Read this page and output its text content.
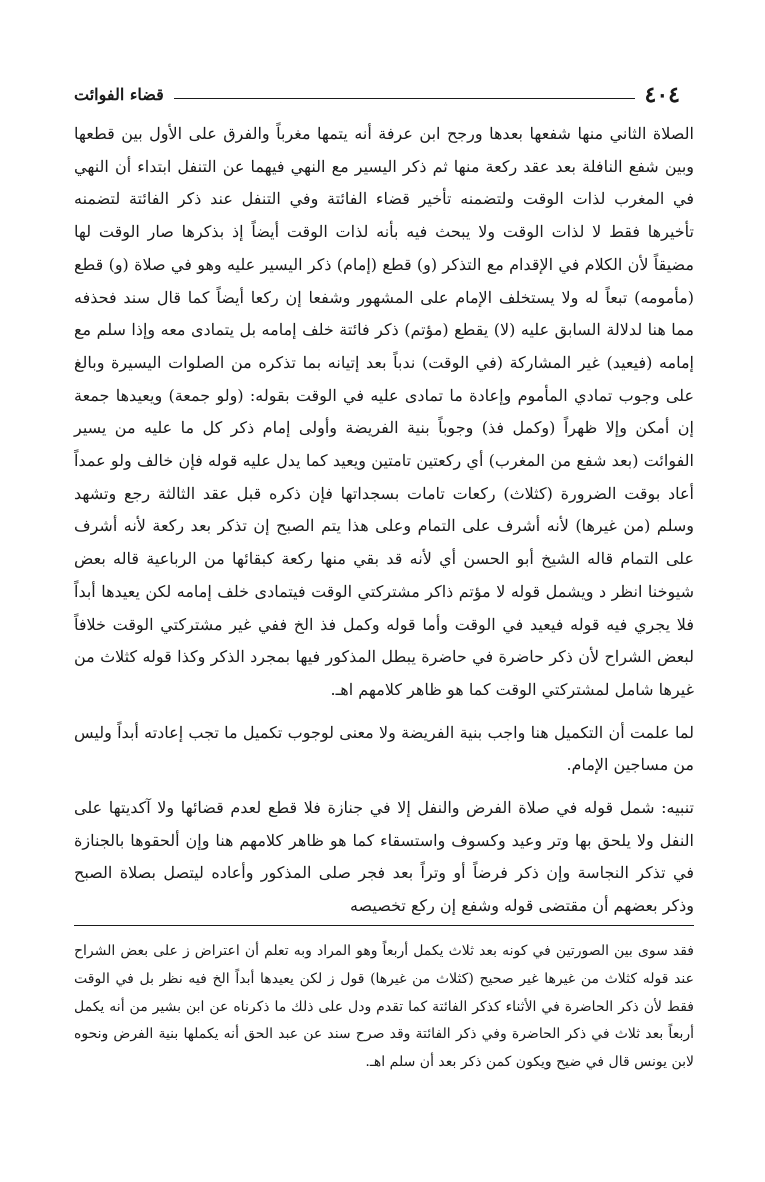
قضاء الفوائت	٤٠٤

الصلاة الثاني منها شفعها بعدها ورجح ابن عرفة أنه يتمها مغرباً والفرق على الأول بين قطعها وبين شفع النافلة بعد عقد ركعة منها ثم ذكر اليسير مع النهي فيهما عن التنفل ابتداء أن النهي في المغرب لذات الوقت ولتضمنه تأخير قضاء الفائتة وفي التنفل عند ذكر الفائتة لتضمنه تأخيرها فقط لا لذات الوقت ولا يبحث فيه بأنه لذات الوقت أيضاً إذ بذكرها صار الوقت لها مضيقاً لأن الكلام في الإقدام مع التذكر (و) قطع (إمام) ذكر اليسير عليه وهو في صلاة (و) قطع (مأمومه) تبعاً له ولا يستخلف الإمام على المشهور وشفعا إن ركعا أيضاً كما قال سند فحذفه مما هنا لدلالة السابق عليه (لا) يقطع (مؤتم) ذكر فائتة خلف إمامه بل يتمادى معه وإذا سلم مع إمامه (فيعيد) غير المشاركة (في الوقت) ندباً بعد إتيانه بما تذكره من الصلوات اليسيرة وبالغ على وجوب تمادي المأموم وإعادة ما تمادى عليه في الوقت بقوله: (ولو جمعة) ويعيدها جمعة إن أمكن وإلا ظهراً (وكمل فذ) وجوباً بنية الفريضة وأولى إمام ذكر كل ما عليه من يسير الفوائت (بعد شفع من المغرب) أي ركعتين تامتين ويعيد كما يدل عليه قوله فإن خالف ولو عمداً أعاد بوقت الضرورة (كثلاث) ركعات تامات بسجداتها فإن ذكره قبل عقد الثالثة رجع وتشهد وسلم (من غيرها) لأنه أشرف على التمام وعلى هذا يتم الصبح إن تذكر بعد ركعة لأنه أشرف على التمام قاله الشيخ أبو الحسن أي لأنه قد بقي منها ركعة كبقائها من الرباعية قاله بعض شيوخنا انظر د ويشمل قوله لا مؤتم ذاكر مشتركتي الوقت فيتمادى خلف إمامه لكن يعيدها أبداً فلا يجري فيه قوله فيعيد في الوقت وأما قوله وكمل فذ الخ ففي غير مشتركتي الوقت خلافاً لبعض الشراح لأن ذكر حاضرة في حاضرة يبطل المذكور فيها بمجرد الذكر وكذا قوله كثلاث من غيرها شامل لمشتركتي الوقت كما هو ظاهر كلامهم اهـ.

لما علمت أن التكميل هنا واجب بنية الفريضة ولا معنى لوجوب تكميل ما تجب إعادته أبداً وليس من مساجين الإمام.

تنبيه: شمل قوله في صلاة الفرض والنفل إلا في جنازة فلا قطع لعدم قضائها ولا آكديتها على النفل ولا يلحق بها وتر وعيد وكسوف واستسقاء كما هو ظاهر كلامهم هنا وإن ألحقوها بالجنازة في تذكر النجاسة وإن ذكر فرضاً أو وتراً بعد فجر صلى المذكور وأعاده ليتصل بصلاة الصبح وذكر بعضهم أن مقتضى قوله وشفع إن ركع تخصيصه

فقد سوى بين الصورتين في كونه بعد ثلاث يكمل أربعاً وهو المراد وبه تعلم أن اعتراض ز على بعض الشراح عند قوله كثلاث من غيرها غير صحيح (كثلاث من غيرها) قول ز لكن يعيدها أبداً الخ فيه نظر بل في الوقت فقط لأن ذكر الحاضرة في الأثناء كذكر الفائتة كما تقدم ودل على ذلك ما ذكرناه عن ابن بشير من أنه يكمل أربعاً بعد ثلاث في ذكر الحاضرة وفي ذكر الفائتة وقد صرح سند عن عبد الحق أنه يكملها بنية الفرض ونحوه لابن يونس قال في ضيح ويكون كمن ذكر بعد أن سلم اهـ.
